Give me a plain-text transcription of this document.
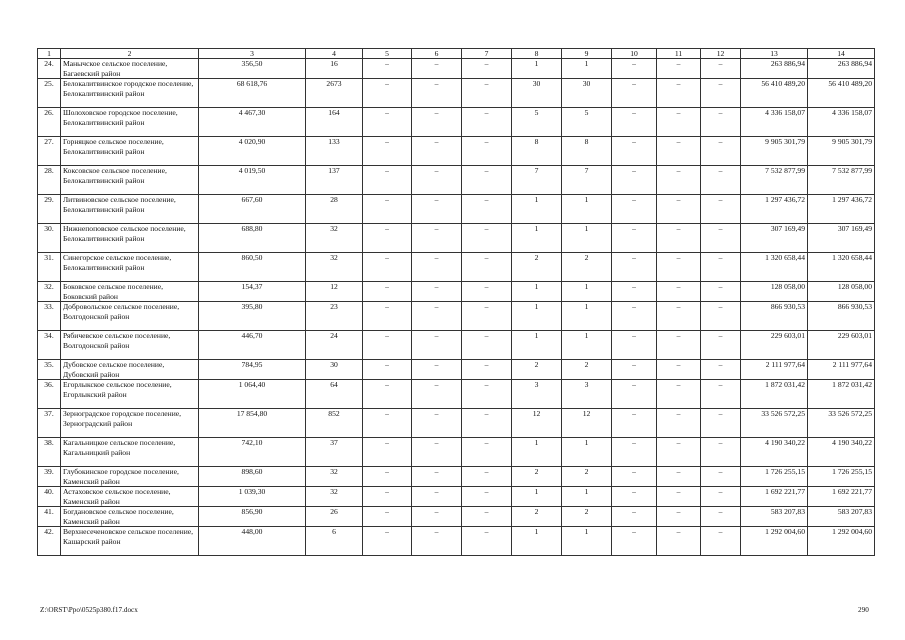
1	2	3	4	5	6	7	8	9	10	11	12	13	14
24.	Манычское сельское поселение, Багаевский район	356,50	16	–	–	–	1	1	–	–	–	263 886,94	263 886,94
25.	Белокалитвинское городское поселение, Белокалитвинский район	68 618,76	2673	–	–	–	30	30	–	–	–	56 410 489,20	56 410 489,20
26.	Шолоховское городское поселение, Белокалитвинский район	4 467,30	164	–	–	–	5	5	–	–	–	4 336 158,07	4 336 158,07
27.	Горняцкое сельское поселение, Белокалитвинский район	4 020,90	133	–	–	–	8	8	–	–	–	9 905 301,79	9 905 301,79
28.	Коксовское сельское поселение, Белокалитвинский район	4 019,50	137	–	–	–	7	7	–	–	–	7 532 877,99	7 532 877,99
29.	Литвиновское сельское поселение, Белокалитвинский район	667,60	28	–	–	–	1	1	–	–	–	1 297 436,72	1 297 436,72
30.	Нижнепоповское сельское поселение, Белокалитвинский район	688,80	32	–	–	–	1	1	–	–	–	307 169,49	307 169,49
31.	Синегорское сельское поселение, Белокалитвинский район	860,50	32	–	–	–	2	2	–	–	–	1 320 658,44	1 320 658,44
32.	Боковское сельское поселение, Боковский район	154,37	12	–	–	–	1	1	–	–	–	128 058,00	128 058,00
33.	Добровольское сельское поселение, Волгодонской район	395,80	23	–	–	–	1	1	–	–	–	866 930,53	866 930,53
34.	Рябичевское сельское поселение, Волгодонской район	446,70	24	–	–	–	1	1	–	–	–	229 603,01	229 603,01
35.	Дубовское сельское поселение, Дубовский район	784,95	30	–	–	–	2	2	–	–	–	2 111 977,64	2 111 977,64
36.	Егорлыкское сельское поселение, Егорлыкский район	1 064,40	64	–	–	–	3	3	–	–	–	1 872 031,42	1 872 031,42
37.	Зерноградское городское поселение, Зерноградский район	17 854,80	852	–	–	–	12	12	–	–	–	33 526 572,25	33 526 572,25
38.	Кагальницкое сельское поселение, Кагальницкий район	742,10	37	–	–	–	1	1	–	–	–	4 190 340,22	4 190 340,22
39.	Глубокинское городское поселение, Каменский район	898,60	32	–	–	–	2	2	–	–	–	1 726 255,15	1 726 255,15
40.	Астаховское сельское поселение, Каменский район	1 039,30	32	–	–	–	1	1	–	–	–	1 692 221,77	1 692 221,77
41.	Богдановское сельское поселение, Каменский район	856,90	26	–	–	–	2	2	–	–	–	583 207,83	583 207,83
42.	Верхнесеченовское сельское поселение, Кашарский район	448,00	6	–	–	–	1	1	–	–	–	1 292 004,60	1 292 004,60
Z:\ORST\Ppo\0525p380.f17.docx	290
